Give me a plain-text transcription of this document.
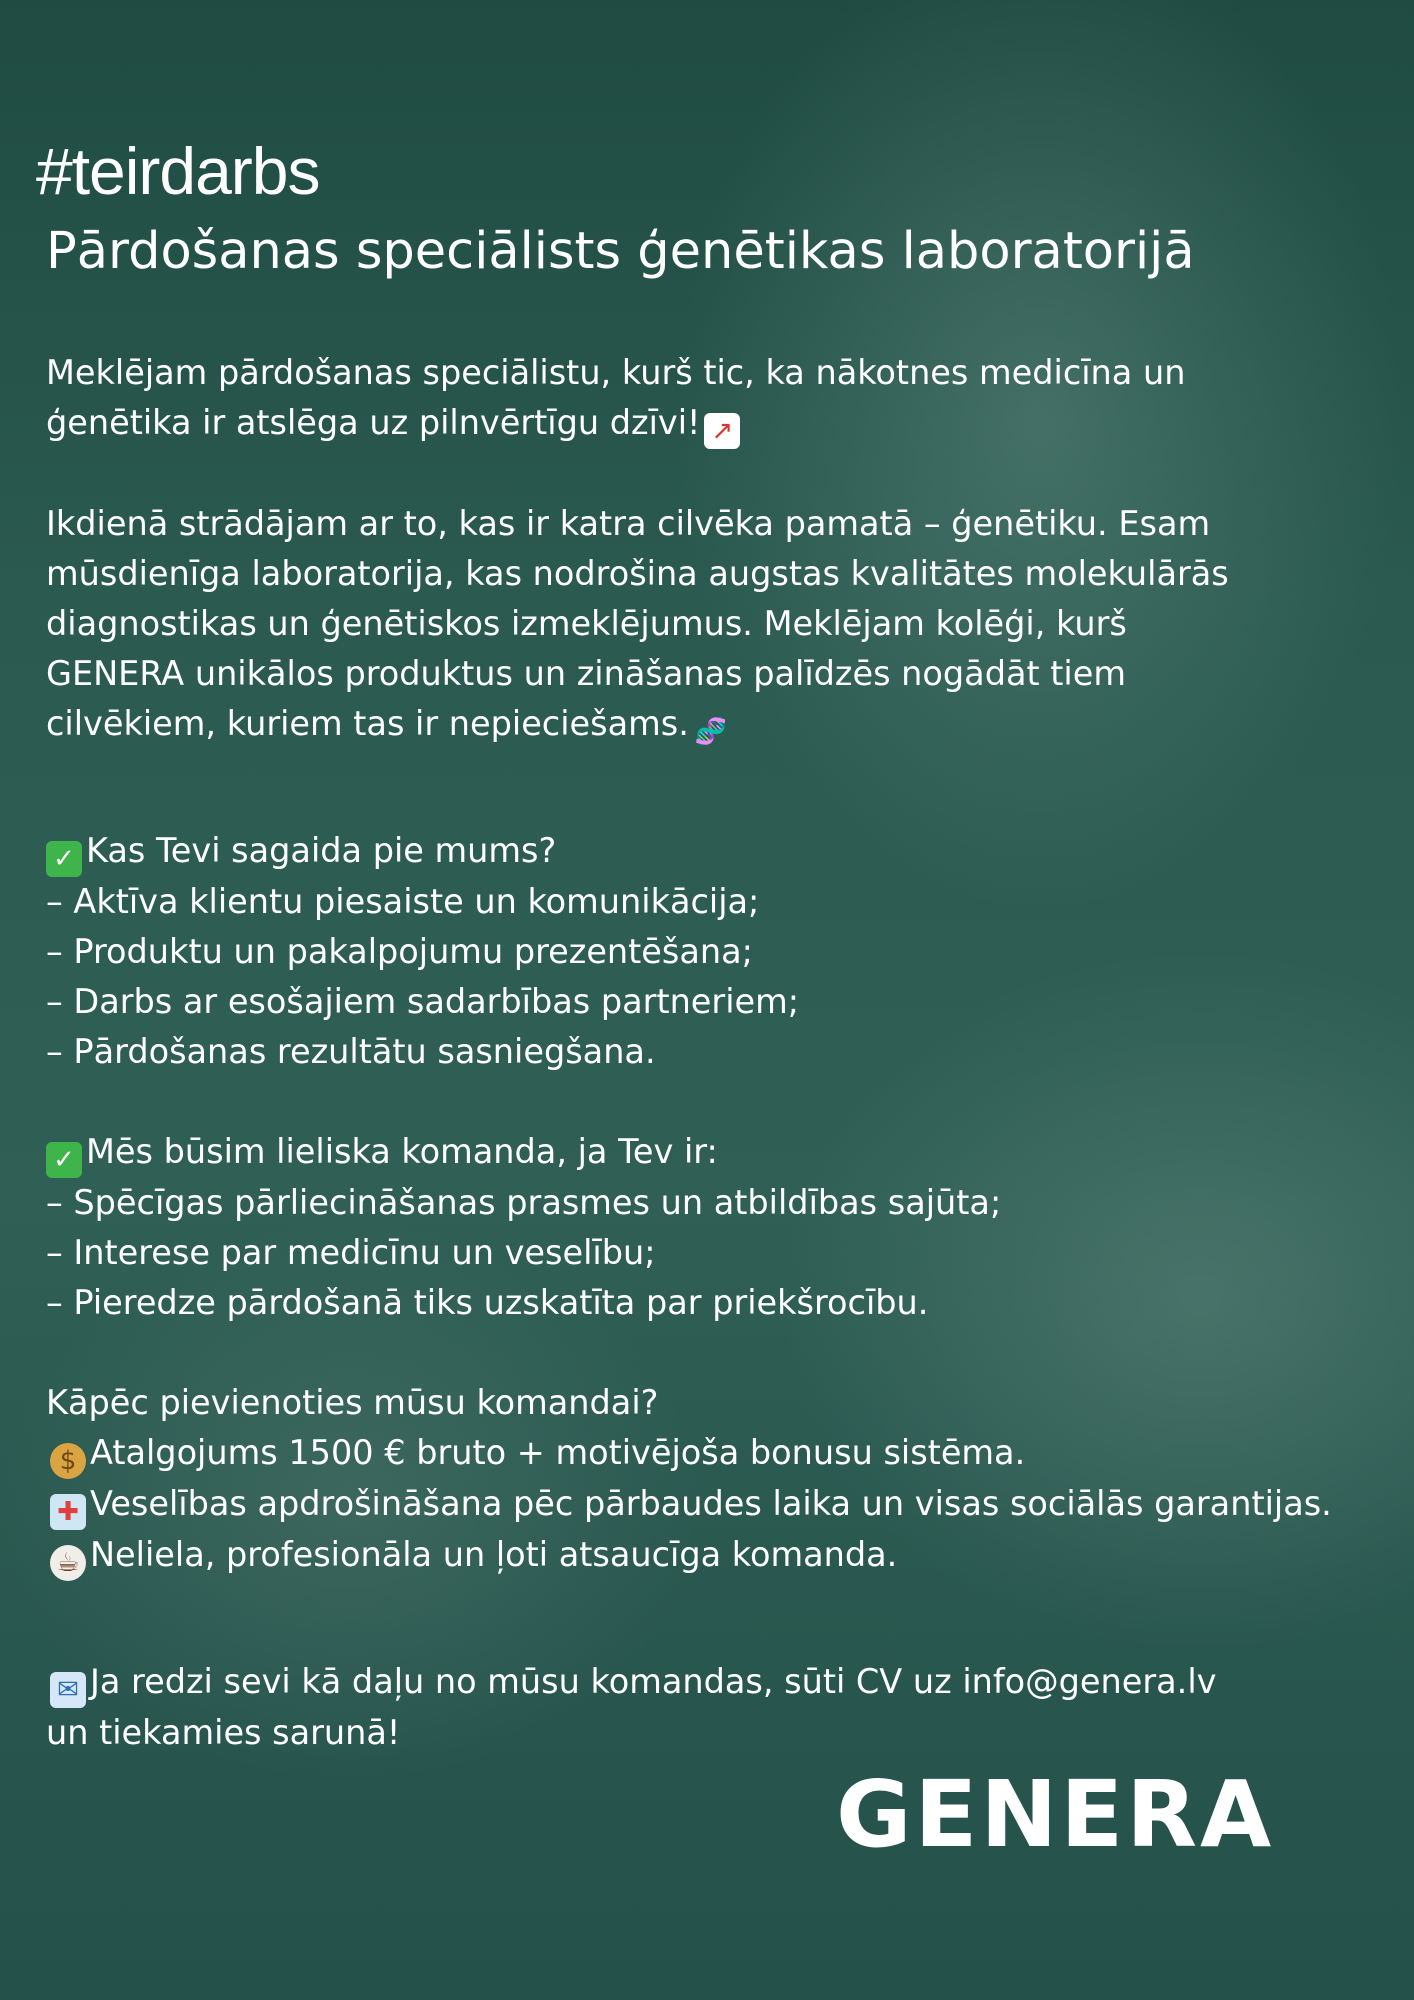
#teirdarbs
Pārdošanas speciālists ģenētikas laboratorijā

Meklējam pārdošanas speciālistu, kurš tic, ka nākotnes medicīna un

ģenētika ir atslēga uz pilnvērtīgu dzīvi! ↗

Ikdienā strādājam ar to, kas ir katra cilvēka pamatā – ģenētiku. Esam

mūsdienīga laboratorija, kas nodrošina augstas kvalitātes molekulārās

diagnostikas un ģenētiskos izmeklējumus. Meklējam kolēģi, kurš

GENERA unikālos produktus un zināšanas palīdzēs nogādāt tiem

cilvēkiem, kuriem tas ir nepieciešams. 🧬

✓ Kas Tevi sagaida pie mums?

– Aktīva klientu piesaiste un komunikācija;

– Produktu un pakalpojumu prezentēšana;

– Darbs ar esošajiem sadarbības partneriem;

– Pārdošanas rezultātu sasniegšana.

✓ Mēs būsim lieliska komanda, ja Tev ir:

– Spēcīgas pārliecināšanas prasmes un atbildības sajūta;

– Interese par medicīnu un veselību;

– Pieredze pārdošanā tiks uzskatīta par priekšrocību.

Kāpēc pievienoties mūsu komandai?

$ Atalgojums 1500 € bruto + motivējoša bonusu sistēma.

✚ Veselības apdrošināšana pēc pārbaudes laika un visas sociālās garantijas.

☕ Neliela, profesionāla un ļoti atsaucīga komanda.

✉ Ja redzi sevi kā daļu no mūsu komandas, sūti CV uz info@genera.lv

un tiekamies sarunā!

GENERA
